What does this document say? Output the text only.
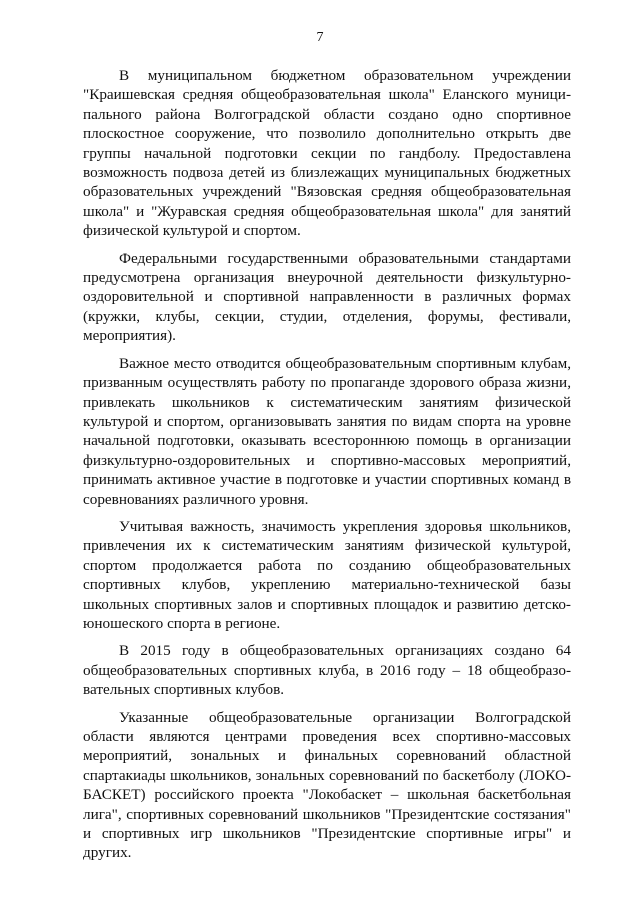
7

В муниципальном бюджетном образовательном учреждении "Краишевская средняя общеобразовательная школа" Еланского муниципального района Волгоградской области создано одно спортивное плоскостное сооружение, что позволило дополнительно открыть две группы начальной подготовки секции по гандболу. Предоставлена возможность подвоза детей из близлежащих муниципальных бюджетных образовательных учреждений "Вязовская средняя общеобразовательная школа" и "Журавская средняя общеобразовательная школа" для занятий физической культурой и спортом.

Федеральными государственными образовательными стандартами предусмотрена организация внеурочной деятельности физкультурно-оздоровительной и спортивной направленности в различных формах (кружки, клубы, секции, студии, отделения, форумы, фестивали, мероприятия).

Важное место отводится общеобразовательным спортивным клубам, призванным осуществлять работу по пропаганде здорового образа жизни, привлекать школьников к систематическим занятиям физической культурой и спортом, организовывать занятия по видам спорта на уровне начальной подготовки, оказывать всестороннюю помощь в организации физкультурно-оздоровительных и спортивно-массовых мероприятий, принимать активное участие в подготовке и участии спортивных команд в соревнованиях различного уровня.

Учитывая важность, значимость укрепления здоровья школьников, привлечения их к систематическим занятиям физической культурой, спортом продолжается работа по созданию общеобразовательных спортивных клубов, укреплению материально-технической базы школьных спортивных залов и спортивных площадок и развитию детско-юношеского спорта в регионе.

В 2015 году в общеобразовательных организациях создано 64 общеобразовательных спортивных клуба, в 2016 году – 18 общеобразовательных спортивных клубов.

Указанные общеобразовательные организации Волгоградской области являются центрами проведения всех спортивно-массовых мероприятий, зональных и финальных соревнований областной спартакиады школьников, зональных соревнований по баскетболу (ЛОКО-БАСКЕТ) российского проекта "Локобаскет – школьная баскетбольная лига", спортивных соревнований школьников "Президентские состязания" и спортивных игр школьников "Президентские спортивные игры" и других.
